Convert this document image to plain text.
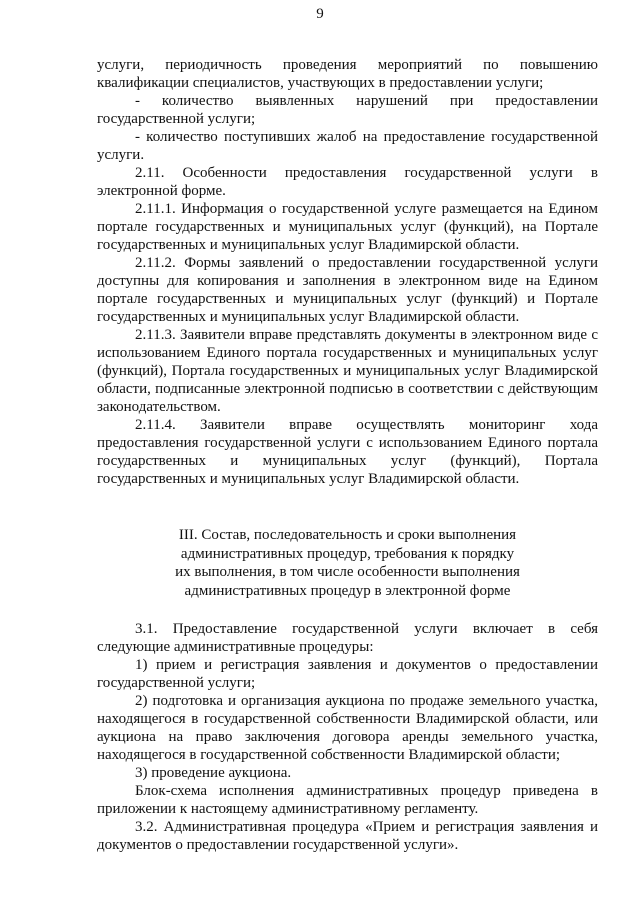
9

услуги, периодичность проведения мероприятий по повышению квалификации специалистов, участвующих в предоставлении услуги;

- количество выявленных нарушений при предоставлении государственной услуги;

- количество поступивших жалоб на предоставление государственной услуги.

2.11. Особенности предоставления государственной услуги в электронной форме.

2.11.1. Информация о государственной услуге размещается на Едином портале государственных и муниципальных услуг (функций), на Портале государственных и муниципальных услуг Владимирской области.

2.11.2. Формы заявлений о предоставлении государственной услуги доступны для копирования и заполнения в электронном виде на Едином портале государственных и муниципальных услуг (функций) и Портале государственных и муниципальных услуг Владимирской области.

2.11.3. Заявители вправе представлять документы в электронном виде с использованием Единого портала государственных и муниципальных услуг (функций), Портала государственных и муниципальных услуг Владимирской области, подписанные электронной подписью в соответствии с действующим законодательством.

2.11.4. Заявители вправе осуществлять мониторинг хода предоставления государственной услуги с использованием Единого портала государственных и муниципальных услуг (функций), Портала государственных и муниципальных услуг Владимирской области.

III. Состав, последовательность и сроки выполнения
административных процедур, требования к порядку
их выполнения, в том числе особенности выполнения
административных процедур в электронной форме

3.1. Предоставление государственной услуги включает в себя следующие административные процедуры:

1) прием и регистрация заявления и документов о предоставлении государственной услуги;

2) подготовка и организация аукциона по продаже земельного участка, находящегося в государственной собственности Владимирской области, или аукциона на право заключения договора аренды земельного участка, находящегося в государственной собственности Владимирской области;

3) проведение аукциона.

Блок-схема исполнения административных процедур приведена в приложении к настоящему административному регламенту.

3.2. Административная процедура «Прием и регистрация заявления и документов о предоставлении государственной услуги».
